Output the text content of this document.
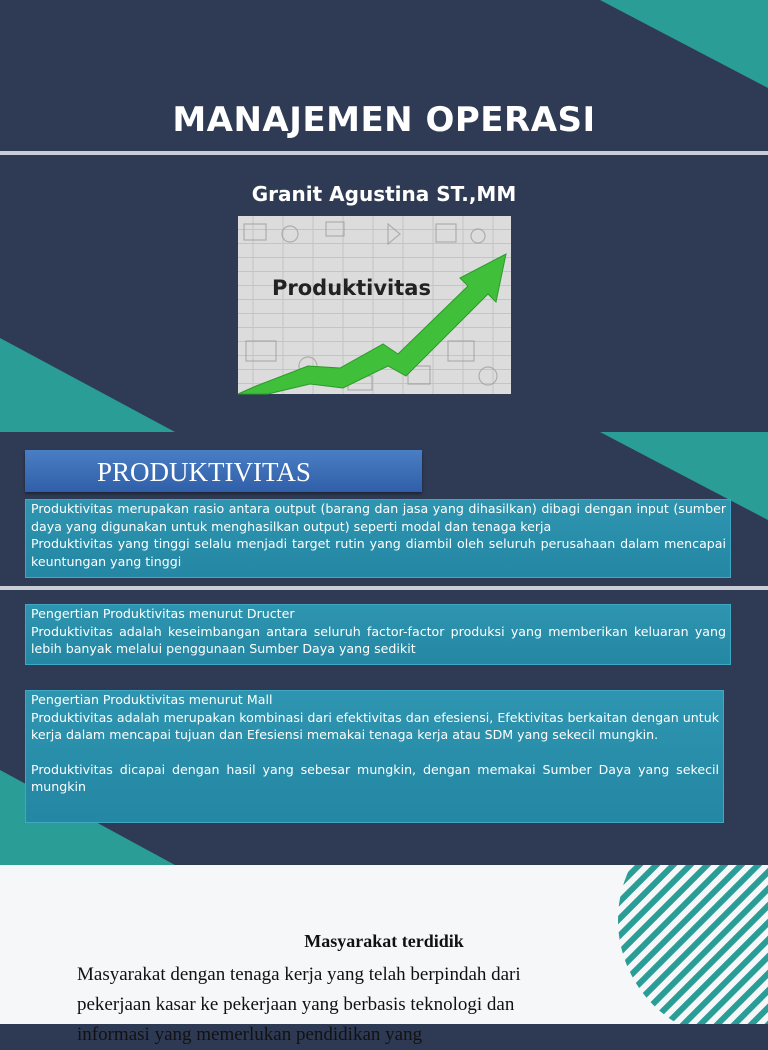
MANAJEMEN OPERASI
Granit Agustina ST.,MM
Produktivitas
PRODUKTIVITAS

Produktivitas merupakan rasio antara output (barang dan jasa yang dihasilkan) dibagi dengan input (sumber daya yang digunakan untuk menghasilkan output) seperti modal dan tenaga kerja

Produktivitas yang tinggi selalu menjadi target rutin yang diambil oleh seluruh perusahaan dalam mencapai keuntungan yang tinggi

Pengertian Produktivitas menurut Dructer

Produktivitas adalah keseimbangan antara seluruh factor-factor produksi yang memberikan keluaran yang lebih banyak melalui penggunaan Sumber Daya yang sedikit

Pengertian Produktivitas menurut Mall

Produktivitas adalah merupakan kombinasi dari efektivitas dan efesiensi, Efektivitas berkaitan dengan untuk kerja dalam mencapai tujuan dan Efesiensi memakai tenaga kerja atau SDM yang sekecil mungkin.

Produktivitas dicapai dengan hasil yang sebesar mungkin, dengan memakai Sumber Daya yang sekecil mungkin

Masyarakat terdidik
Masyarakat dengan tenaga kerja yang telah berpindah dari
pekerjaan kasar ke pekerjaan yang berbasis teknologi dan
informasi yang memerlukan pendidikan yang
